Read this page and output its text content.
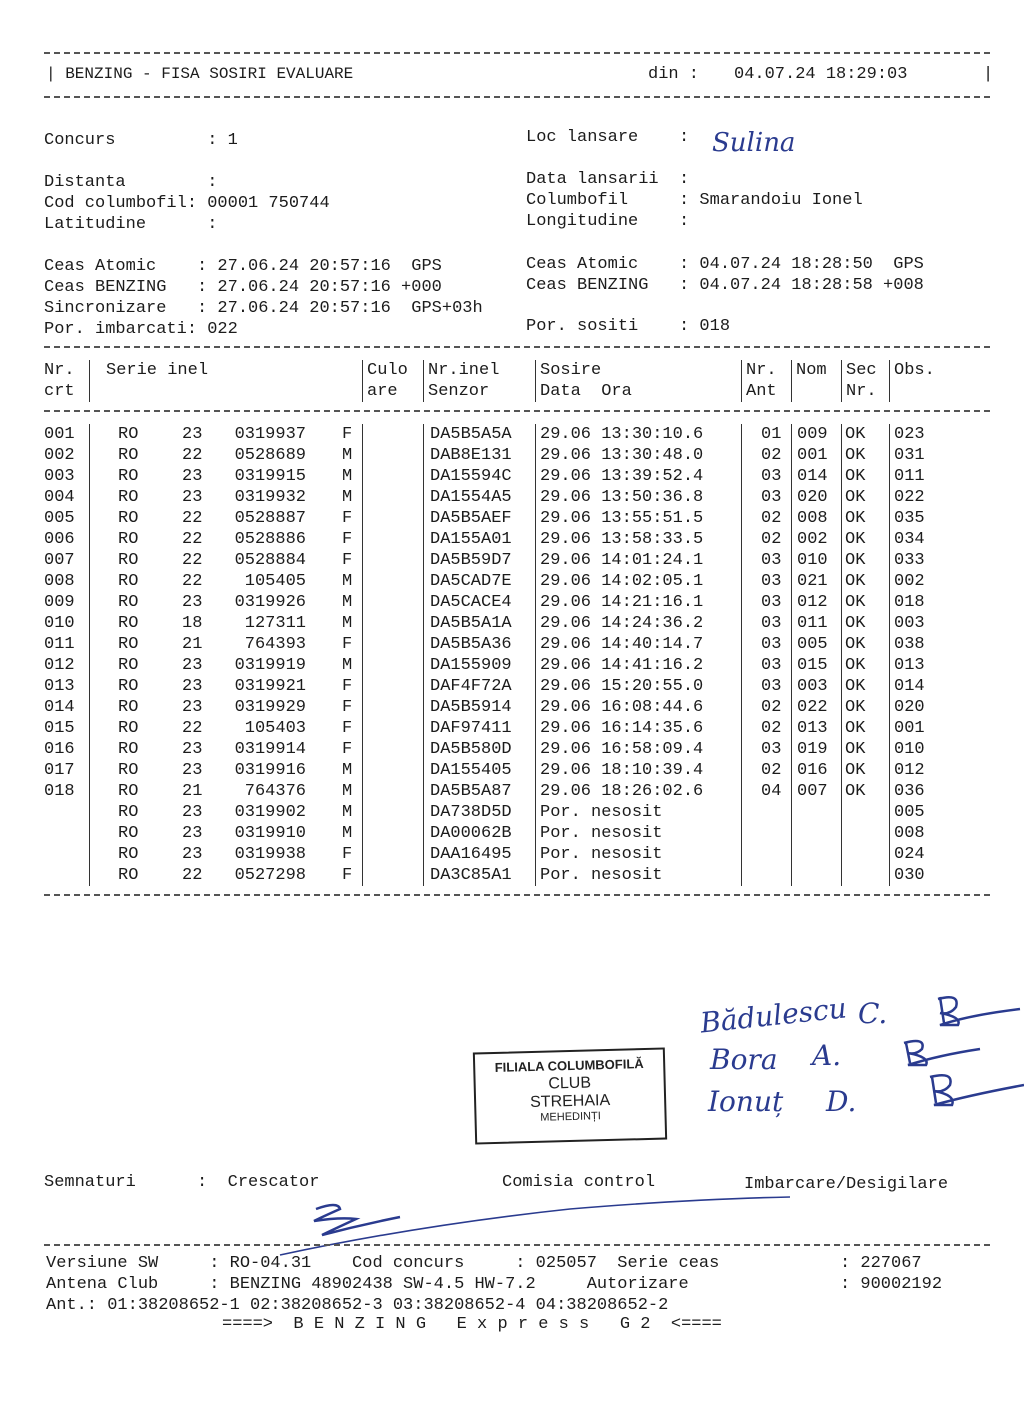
| BENZING - FISA SOSIRI EVALUARE	din : 04.07.24 18:29:03	|
Concurs         : 1	Loc lansare    : Sulina
Distanta        :	Data lansarii  :
Cod columbofil: 00001 750744	Columbofil     : Smarandoiu Ionel
Latitudine      :	Longitudine    :
Ceas Atomic    : 27.06.24 20:57:16  GPS	Ceas Atomic    : 04.07.24 18:28:50  GPS
Ceas BENZING   : 27.06.24 20:57:16 +000	Ceas BENZING   : 04.07.24 18:28:58 +008
Sincronizare   : 27.06.24 20:57:16  GPS+03h
Por. imbarcati: 022	Por. sositi    : 018
Nr.
crt
Serie inel	Culo
are
Nr.inel
Senzor
Sosire
Data  Ora
Nr.
Ant
Nom Sec
Nr.
Obs.
001	RO	23	0319937 F	DA5B5A5A 29.06 13:30:10.6	01 009 OK 023
002	RO	22	0528689 M	DAB8E131 29.06 13:30:48.0	02 001 OK 031
003	RO	23	0319915 M	DA15594C 29.06 13:39:52.4	03 014 OK 011
004	RO	23	0319932 M	DA1554A5 29.06 13:50:36.8	03 020 OK 022
005	RO	22	0528887 F	DA5B5AEF 29.06 13:55:51.5	02 008 OK 035
006	RO	22	0528886 F	DA155A01 29.06 13:58:33.5	02 002 OK 034
007	RO	22	0528884 F	DA5B59D7 29.06 14:01:24.1	03 010 OK 033
008	RO	22	105405 M	DA5CAD7E 29.06 14:02:05.1	03 021 OK 002
009	RO	23	0319926 M	DA5CACE4 29.06 14:21:16.1	03 012 OK 018
010	RO	18	127311 M	DA5B5A1A 29.06 14:24:36.2	03 011 OK 003
011	RO	21	764393 F	DA5B5A36 29.06 14:40:14.7	03 005 OK 038
012	RO	23	0319919 M	DA155909 29.06 14:41:16.2	03 015 OK 013
013	RO	23	0319921 F	DAF4F72A 29.06 15:20:55.0	03 003 OK 014
014	RO	23	0319929 F	DA5B5914 29.06 16:08:44.6	02 022 OK 020
015	RO	22	105403 F	DAF97411 29.06 16:14:35.6	02 013 OK 001
016	RO	23	0319914 F	DA5B580D 29.06 16:58:09.4	03 019 OK 010
017	RO	23	0319916 M	DA155405 29.06 18:10:39.4	02 016 OK 012
018	RO	21	764376 M	DA5B5A87 29.06 18:26:02.6	04 007 OK 036
RO	23	0319902 M	DA738D5D Por. nesosit	005
RO	23	0319910 M	DA00062B Por. nesosit	008
RO	23	0319938 F	DAA16495 Por. nesosit	024
RO	22	0527298 F	DA3C85A1 Por. nesosit	030
Bădulescu C.
Bora A.
Ionuț D.
FILIALA COLUMBOFILĂ
CLUB
STREHAIA
MEHEDINȚI
Semnaturi      :  Crescator	Comisia control	Imbarcare/Desigilare
Versiune SW     : RO-04.31    Cod concurs     : 025057  Serie ceas	: 227067
Antena Club     : BENZING 48902438 SW-4.5 HW-7.2     Autorizare	: 90002192
Ant.: 01:38208652-1 02:38208652-3 03:38208652-4 04:38208652-2
====>  B E N Z I N G   E x p r e s s   G 2  <====
